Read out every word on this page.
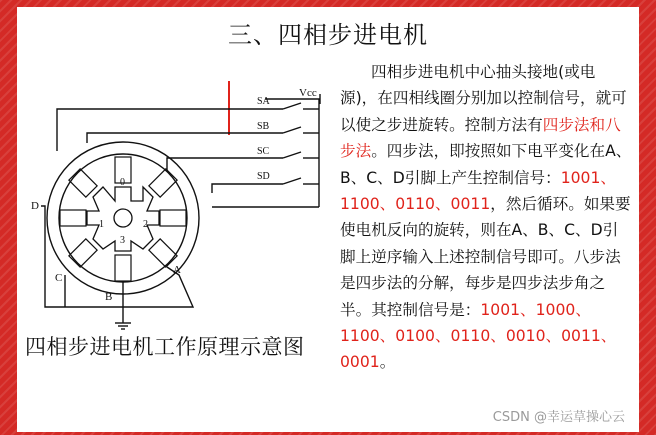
三、四相步进电机
Vcc
SA
SB
SC
SD
A
B
C
D
0
1	2
3
四相步进电机工作原理示意图

四相步进电机中心抽头接地(或电源)，在四相线圈分别加以控制信号，就可以使之步进旋转。控制方法有四步法和八步法。四步法，即按照如下电平变化在A、B、C、D引脚上产生控制信号：1001、1100、0110、0011，然后循环。如果要使电机反向的旋转，则在A、B、C、D引脚上逆序输入上述控制信号即可。八步法是四步法的分解，每步是四步法步角之半。其控制信号是：1001、1000、1100、0100、0110、0010、0011、0001。

CSDN @幸运草操心云
